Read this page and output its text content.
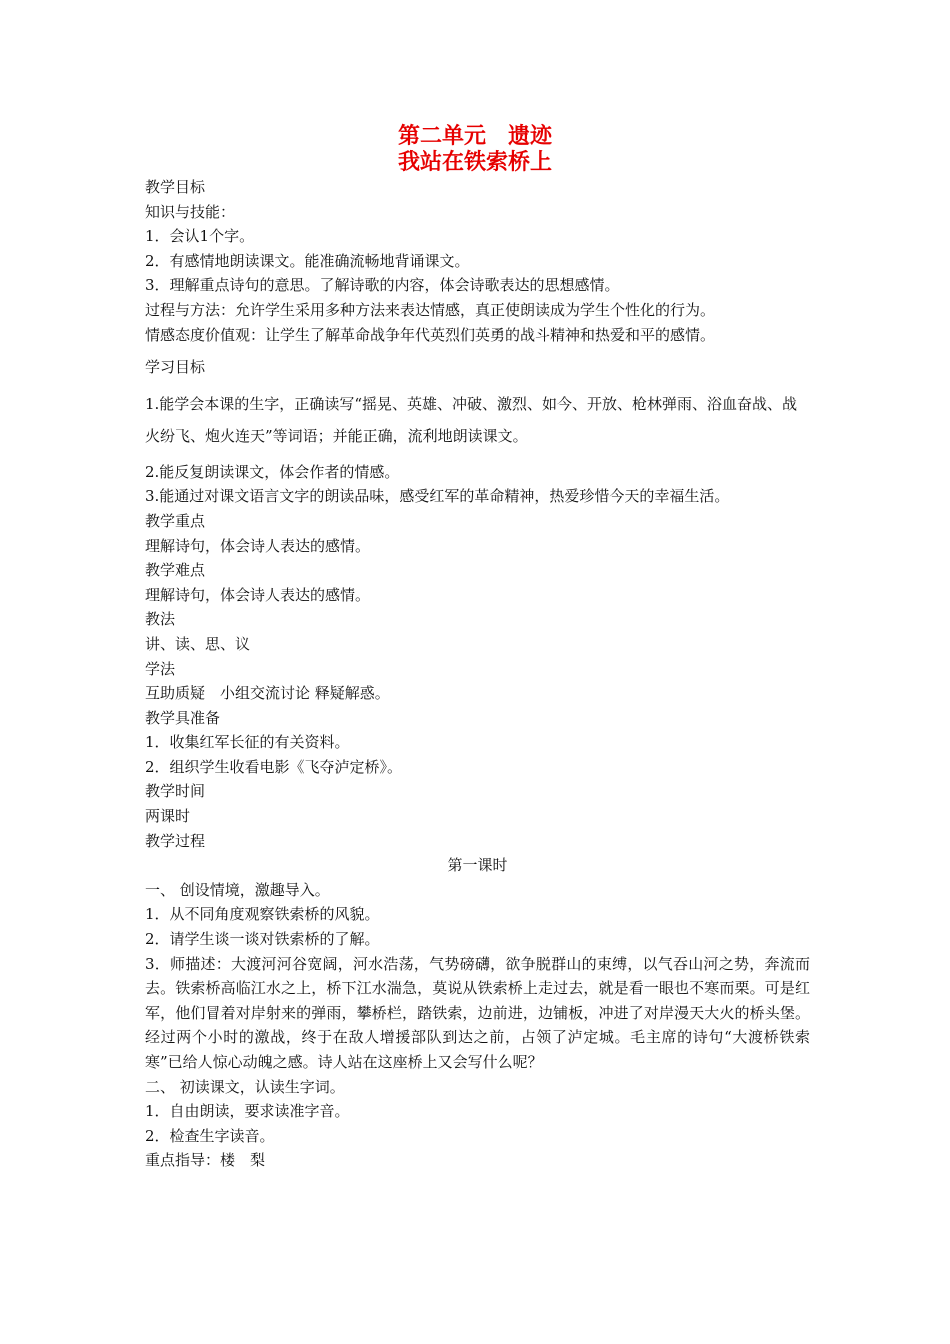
第二单元　遗迹
我站在铁索桥上
教学目标
知识与技能：
1．会认1个字。
2．有感情地朗读课文。能准确流畅地背诵课文。
3．理解重点诗句的意思。了解诗歌的内容，体会诗歌表达的思想感情。
过程与方法：允许学生采用多种方法来表达情感，真正使朗读成为学生个性化的行为。
情感态度价值观：让学生了解革命战争年代英烈们英勇的战斗精神和热爱和平的感情。
学习目标
1.能学会本课的生字，正确读写“摇晃、英雄、冲破、激烈、如今、开放、枪林弹雨、浴血奋战、战火纷飞、炮火连天”等词语；并能正确，流利地朗读课文。
2.能反复朗读课文，体会作者的情感。
3.能通过对课文语言文字的朗读品味，感受红军的革命精神，热爱珍惜今天的幸福生活。
教学重点
理解诗句，体会诗人表达的感情。
教学难点
理解诗句，体会诗人表达的感情。
教法
讲、读、思、议
学法
互助质疑　小组交流讨论 释疑解惑。
教学具准备
1．收集红军长征的有关资料。
2．组织学生收看电影《飞夺泸定桥》。
教学时间
两课时
教学过程
第一课时
一、 创设情境，激趣导入。
1．从不同角度观察铁索桥的风貌。
2．请学生谈一谈对铁索桥的了解。
3．师描述：大渡河河谷宽阔，河水浩荡，气势磅礴，欲争脱群山的束缚，以气吞山河之势，奔流而去。铁索桥高临江水之上，桥下江水湍急，莫说从铁索桥上走过去，就是看一眼也不寒而栗。可是红军，他们冒着对岸射来的弹雨，攀桥栏，踏铁索，边前进，边铺板，冲进了对岸漫天大火的桥头堡。经过两个小时的激战，终于在敌人增援部队到达之前，占领了泸定城。毛主席的诗句“大渡桥铁索寒”已给人惊心动魄之感。诗人站在这座桥上又会写什么呢？
二、 初读课文，认读生字词。
1．自由朗读，要求读准字音。
2．检查生字读音。
重点指导：楼　梨
